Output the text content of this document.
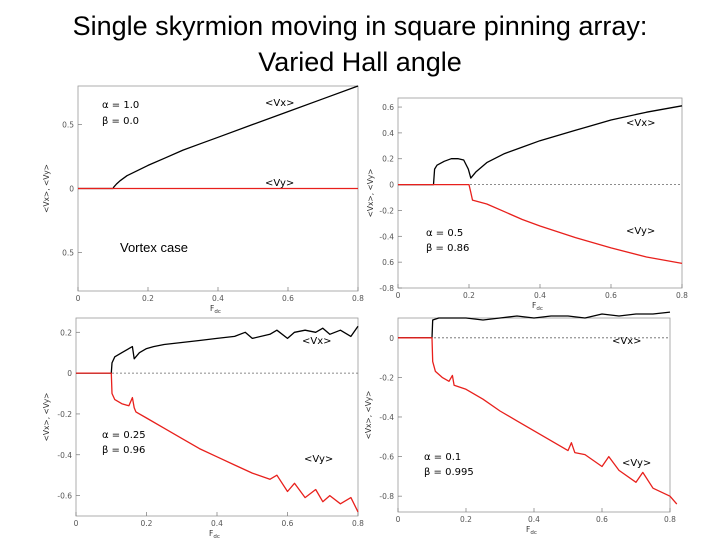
Single skyrmion moving in square pinning array:
Varied Hall angle
0	0.2	0.4	0.6	0.8
0.5
0
0.5
$F_{dc}$
<Vx>, <Vy>
<Vx>
<Vy>
α = 1.0
β = 0.0
Vortex case
0	0.2	0.4	0.6	0.8
0.6
0.4
0.2
0
-0.2
-0.4
0.6
-0.8
$F_{dc}$
<Vx>, <Vy>
<Vx>
<Vy>
α = 0.5
β = 0.86
0	0.2	0.4	0.6	0.8
0.2
0
-0.2
-0.4
-0.6
$F_{dc}$
<Vx>, <Vy>
<Vx>
<Vy>
α = 0.25
β = 0.96
0	0.2	0.4	0.6	0.8
0
-0.2
-0.4
-0.6
-0.8
$F_{dc}$
<Vx>, <Vy>
<Vx>
<Vy>
α = 0.1
β = 0.995
